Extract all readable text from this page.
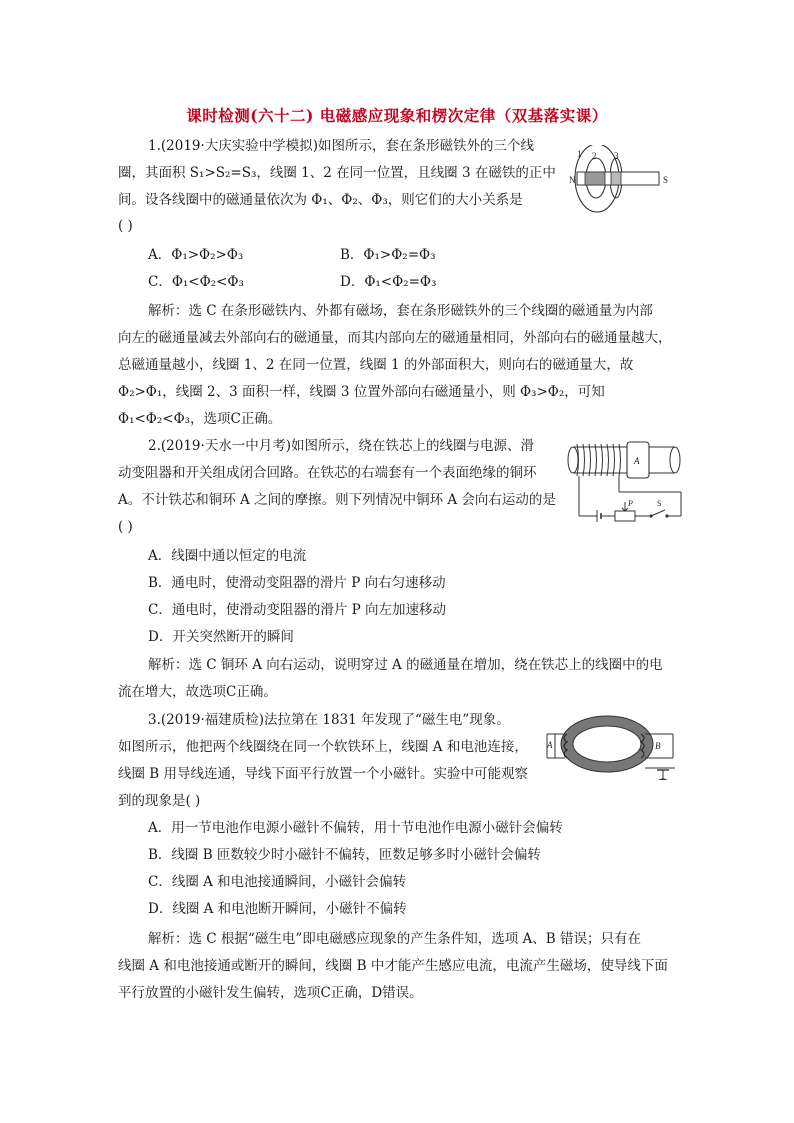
课时检测(六十二) 电磁感应现象和楞次定律（双基落实课）
1.(2019·大庆实验中学模拟)如图所示，套在条形磁铁外的三个线
圈，其面积 S₁>S₂=S₃，线圈 1、2 在同一位置，且线圈 3 在磁铁的正中
间。设各线圈中的磁通量依次为 Φ₁、Φ₂、Φ₃，则它们的大小关系是
( )
A．Φ₁>Φ₂>Φ₃	B．Φ₁>Φ₂=Φ₃
C．Φ₁<Φ₂<Φ₃	D．Φ₁<Φ₂=Φ₃
解析：选 C 在条形磁铁内、外都有磁场，套在条形磁铁外的三个线圈的磁通量为内部
向左的磁通量减去外部向右的磁通量，而其内部向左的磁通量相同，外部向右的磁通量越大，
总磁通量越小，线圈 1、2 在同一位置，线圈 1 的外部面积大，则向右的磁通量大，故
Φ₂>Φ₁，线圈 2、3 面积一样，线圈 3 位置外部向右磁通量小，则 Φ₃>Φ₂，可知
Φ₁<Φ₂<Φ₃，选项C正确。
N	S
1 2 3
2.(2019·天水一中月考)如图所示，绕在铁芯上的线圈与电源、滑
动变阻器和开关组成闭合回路。在铁芯的右端套有一个表面绝缘的铜环
A。不计铁芯和铜环 A 之间的摩擦。则下列情况中铜环 A 会向右运动的是
( )
A．线圈中通以恒定的电流
B．通电时，使滑动变阻器的滑片 P 向右匀速移动
C．通电时，使滑动变阻器的滑片 P 向左加速移动
D．开关突然断开的瞬间
解析：选 C 铜环 A 向右运动，说明穿过 A 的磁通量在增加，绕在铁芯上的线圈中的电
流在增大，故选项C正确。
A
P	S
3.(2019·福建质检)法拉第在 1831 年发现了“磁生电”现象。
如图所示，他把两个线圈绕在同一个软铁环上，线圈 A 和电池连接，
线圈 B 用导线连通，导线下面平行放置一个小磁针。实验中可能观察
到的现象是( )
A．用一节电池作电源小磁针不偏转，用十节电池作电源小磁针会偏转
B．线圈 B 匝数较少时小磁针不偏转，匝数足够多时小磁针会偏转
C．线圈 A 和电池接通瞬间，小磁针会偏转
D．线圈 A 和电池断开瞬间，小磁针不偏转
解析：选 C 根据“磁生电”即电磁感应现象的产生条件知，选项 A、B 错误；只有在
线圈 A 和电池接通或断开的瞬间，线圈 B 中才能产生感应电流，电流产生磁场，使导线下面
平行放置的小磁针发生偏转，选项C正确，D错误。
A	B
